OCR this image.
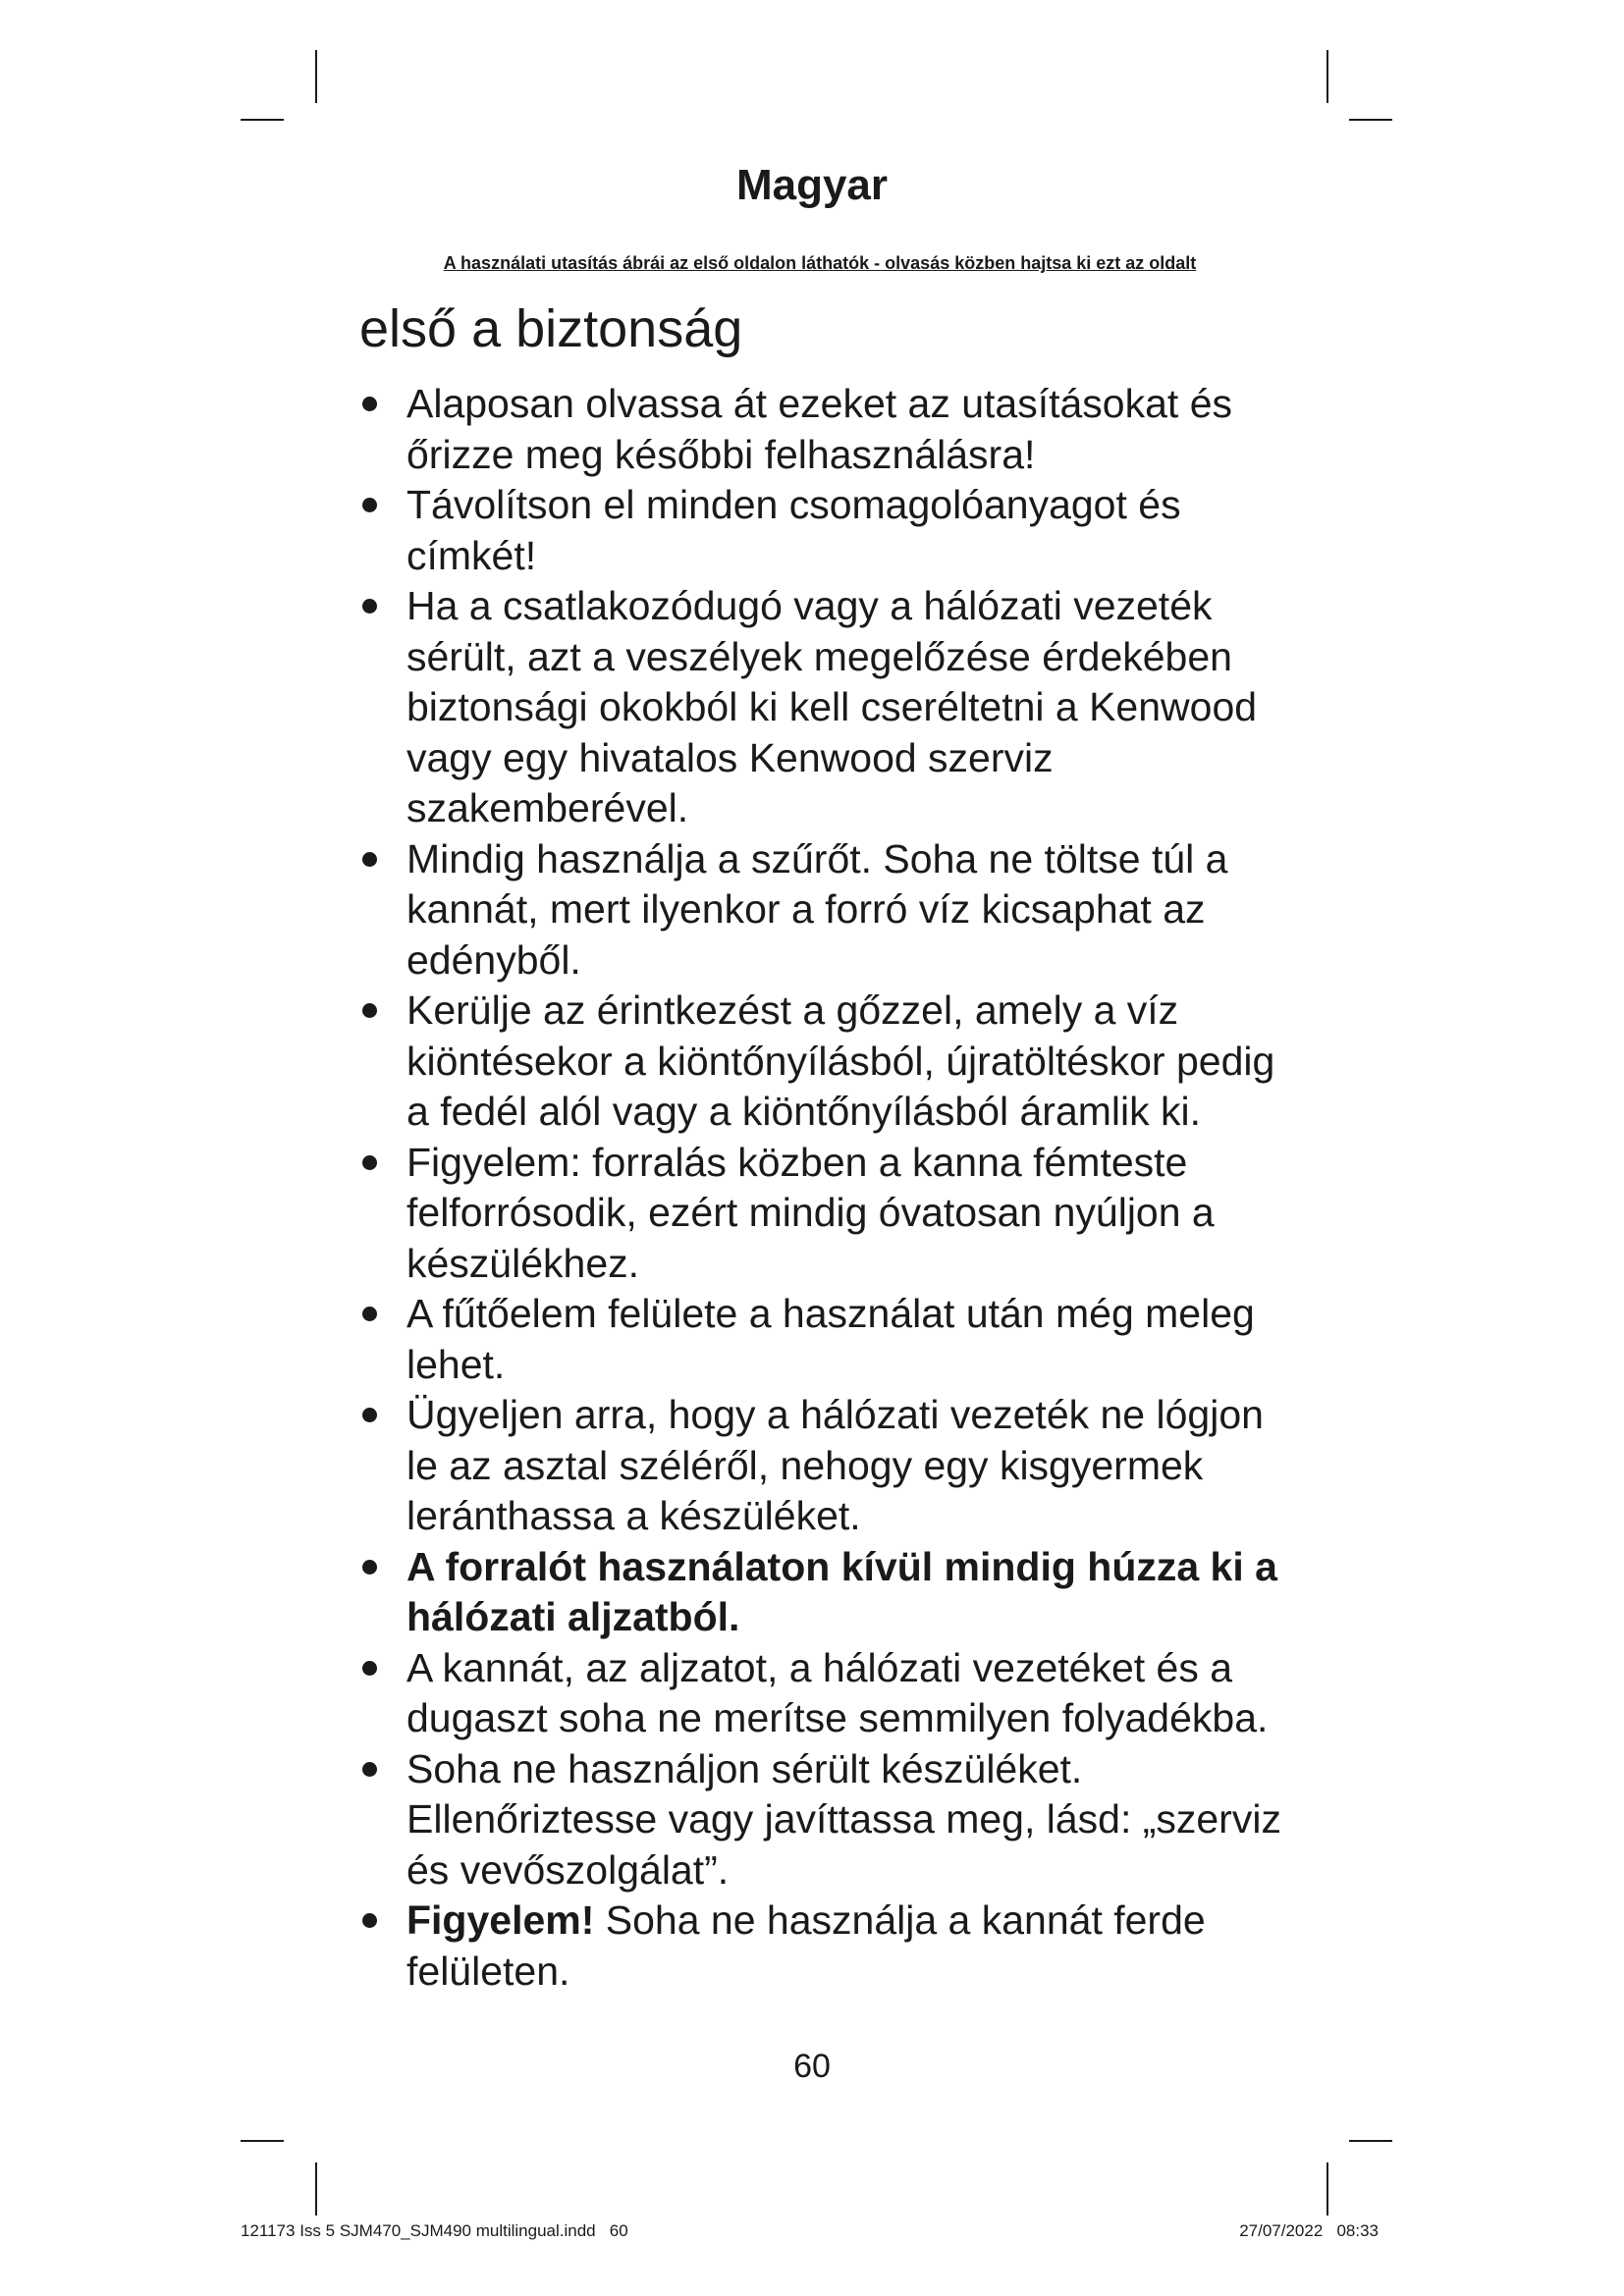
Magyar

A használati utasítás ábrái az első oldalon láthatók - olvasás közben hajtsa ki ezt az oldalt

első a biztonság
Alaposan olvassa át ezeket az utasításokat és őrizze meg későbbi felhasználásra!
Távolítson el minden csomagolóanyagot és címkét!
Ha a csatlakozódugó vagy a hálózati vezeték sérült, azt a veszélyek megelőzése érdekében biztonsági okokból ki kell cseréltetni a Kenwood vagy egy hivatalos Kenwood szerviz szakemberével.
Mindig használja a szűrőt. Soha ne töltse túl a kannát, mert ilyenkor a forró víz kicsaphat az edényből.
Kerülje az érintkezést a gőzzel, amely a víz kiöntésekor a kiöntőnyílásból, újratöltéskor pedig a fedél alól vagy a kiöntőnyílásból áramlik ki.
Figyelem: forralás közben a kanna fémteste felforrósodik, ezért mindig óvatosan nyúljon a készülékhez.
A fűtőelem felülete a használat után még meleg lehet.
Ügyeljen arra, hogy a hálózati vezeték ne lógjon le az asztal széléről, nehogy egy kisgyermek leránthassa a készüléket.
A forralót használaton kívül mindig húzza ki a hálózati aljzatból.
A kannát, az aljzatot, a hálózati vezetéket és a dugaszt soha ne merítse semmilyen folyadékba.
Soha ne használjon sérült készüléket. Ellenőriztesse vagy javíttassa meg, lásd: „szerviz és vevőszolgálat”.
Figyelem! Soha ne használja a kannát ferde felületen.
60
121173 Iss 5 SJM470_SJM490 multilingual.indd   60	27/07/2022   08:33
